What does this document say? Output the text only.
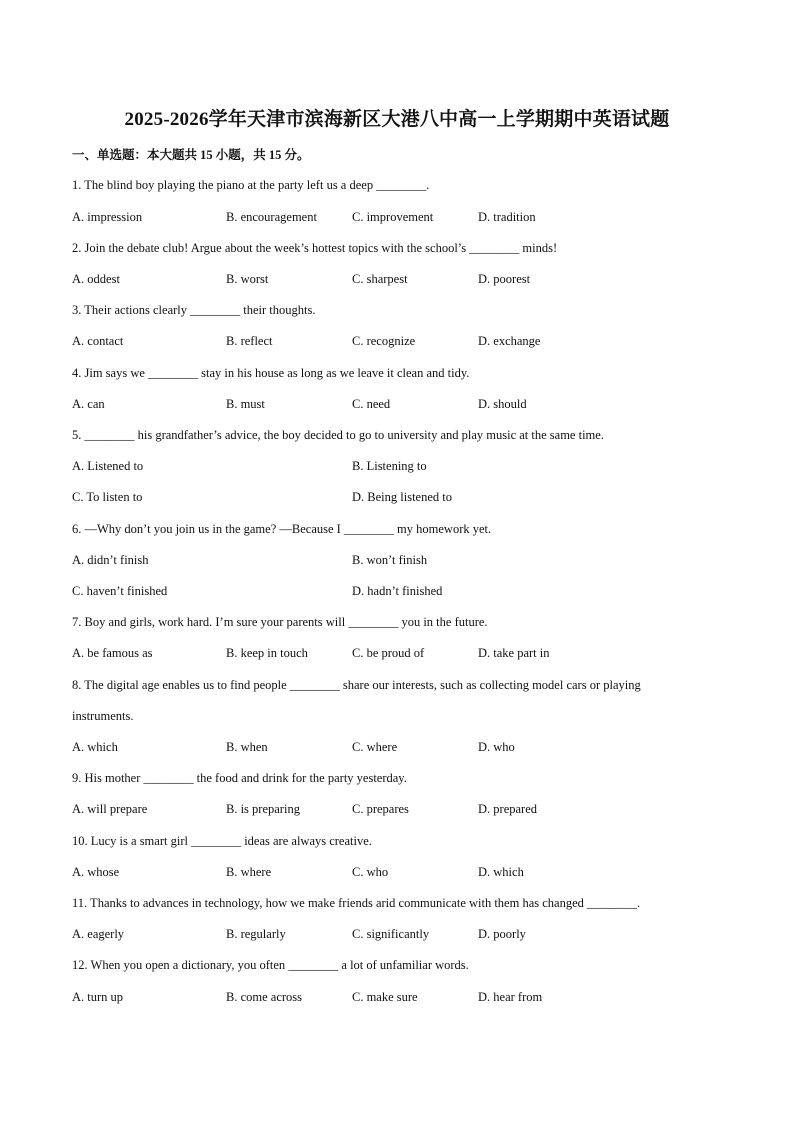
2025-2026学年天津市滨海新区大港八中高一上学期期中英语试题
一、单选题：本大题共 15 小题，共 15 分。
1. The blind boy playing the piano at the party left us a deep ________.
A. impression	B. encouragement	C. improvement	D. tradition
2. Join the debate club! Argue about the week’s hottest topics with the school’s ________ minds!
A. oddest	B. worst	C. sharpest	D. poorest
3. Their actions clearly ________ their thoughts.
A. contact	B. reflect	C. recognize	D. exchange
4. Jim says we ________ stay in his house as long as we leave it clean and tidy.
A. can	B. must	C. need	D. should
5. ________ his grandfather’s advice, the boy decided to go to university and play music at the same time.
A. Listened to	B. Listening to
C. To listen to	D. Being listened to
6. —Why don’t you join us in the game? —Because I ________ my homework yet.
A. didn’t finish	B. won’t finish
C. haven’t finished	D. hadn’t finished
7. Boy and girls, work hard. I’m sure your parents will ________ you in the future.
A. be famous as	B. keep in touch	C. be proud of	D. take part in
8. The digital age enables us to find people ________ share our interests, such as collecting model cars or playing
instruments.
A. which	B. when	C. where	D. who
9. His mother ________ the food and drink for the party yesterday.
A. will prepare	B. is preparing	C. prepares	D. prepared
10. Lucy is a smart girl ________ ideas are always creative.
A. whose	B. where	C. who	D. which
11. Thanks to advances in technology, how we make friends arid communicate with them has changed ________.
A. eagerly	B. regularly	C. significantly	D. poorly
12. When you open a dictionary, you often ________ a lot of unfamiliar words.
A. turn up	B. come across	C. make sure	D. hear from
